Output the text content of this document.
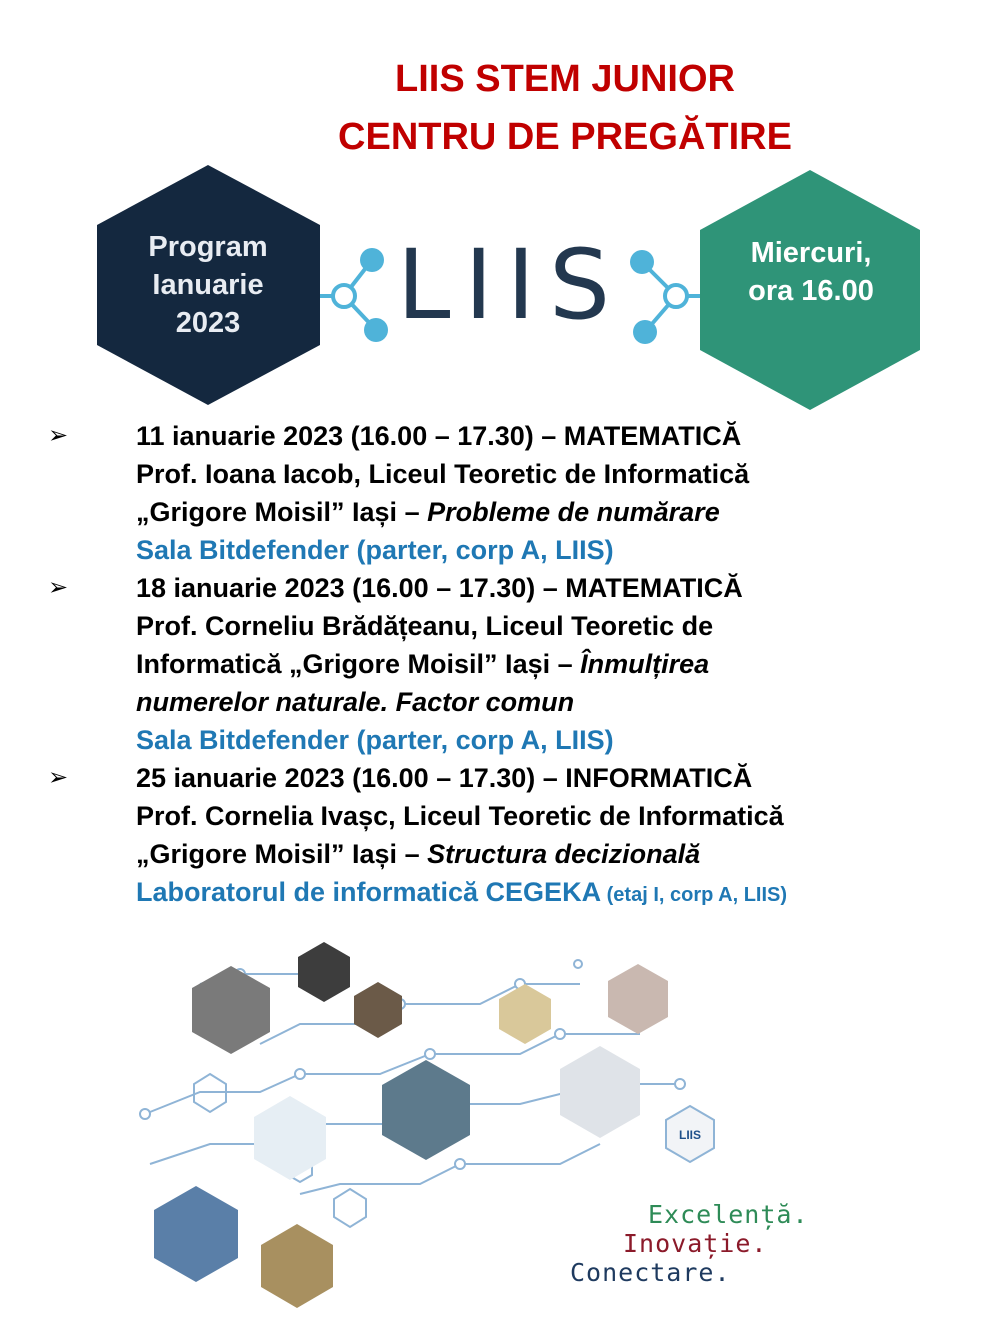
LIIS STEM JUNIOR
CENTRU DE PREGĂTIRE
Program
Ianuarie
2023
Miercuri,
ora 16.00
LIIS
➢	11 ianuarie 2023 (16.00 – 17.30) – MATEMATICĂ
Prof. Ioana Iacob, Liceul Teoretic de Informatică
„Grigore Moisil” Iași – Probleme de numărare
Sala Bitdefender (parter, corp A, LIIS)
➢	18 ianuarie 2023 (16.00 – 17.30) – MATEMATICĂ
Prof. Corneliu Brădățeanu, Liceul Teoretic de
Informatică „Grigore Moisil” Iași – Înmulțirea
numerelor naturale. Factor comun
Sala Bitdefender (parter, corp A, LIIS)
➢	25 ianuarie 2023 (16.00 – 17.30) – INFORMATICĂ
Prof. Cornelia Ivașc, Liceul Teoretic de Informatică
„Grigore Moisil” Iași – Structura decizională
Laboratorul de informatică CEGEKA (etaj I, corp A, LIIS)
LIIS
Excelență.
Inovație.
Conectare.
